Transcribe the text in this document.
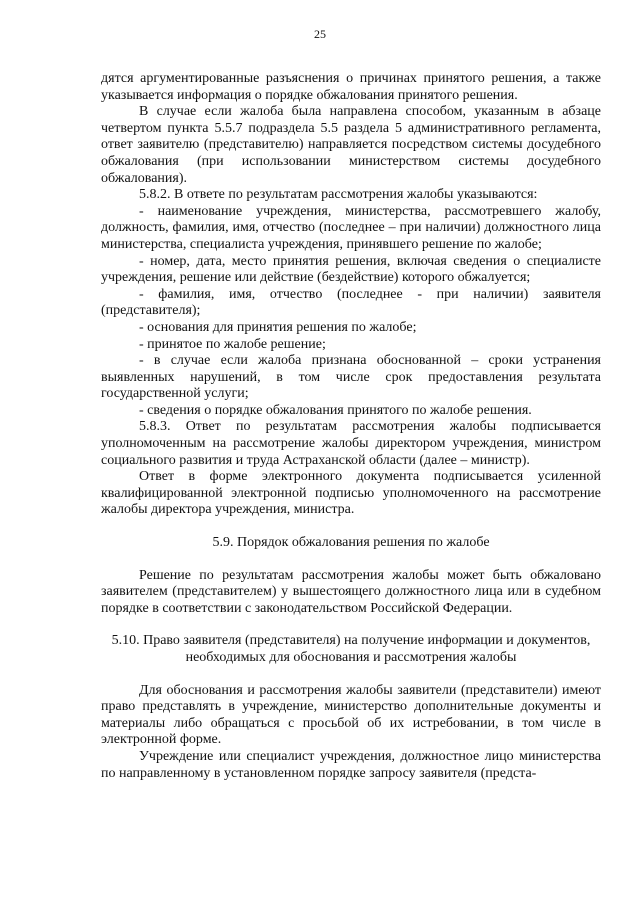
25

дятся аргументированные разъяснения о причинах принятого решения, а также указывается информация о порядке обжалования принятого решения.

В случае если жалоба была направлена способом, указанным в абзаце четвертом пункта 5.5.7 подраздела 5.5 раздела 5 административного регламента, ответ заявителю (представителю) направляется посредством системы досудебного обжалования (при использовании министерством системы досудебного обжалования).

5.8.2. В ответе по результатам рассмотрения жалобы указываются:

- наименование учреждения, министерства, рассмотревшего жалобу, должность, фамилия, имя, отчество (последнее – при наличии) должностного лица министерства, специалиста учреждения, принявшего решение по жалобе;

- номер, дата, место принятия решения, включая сведения о специалисте учреждения, решение или действие (бездействие) которого обжалуется;

- фамилия, имя, отчество (последнее - при наличии) заявителя (представителя);

- основания для принятия решения по жалобе;

- принятое по жалобе решение;

- в случае если жалоба признана обоснованной – сроки устранения выявленных нарушений, в том числе срок предоставления результата государственной услуги;

- сведения о порядке обжалования принятого по жалобе решения.

5.8.3. Ответ по результатам рассмотрения жалобы подписывается уполномоченным на рассмотрение жалобы директором учреждения, министром социального развития и труда Астраханской области (далее – министр).

Ответ в форме электронного документа подписывается усиленной квалифицированной электронной подписью уполномоченного на рассмотрение жалобы директора учреждения, министра.

5.9. Порядок обжалования решения по жалобе

Решение по результатам рассмотрения жалобы может быть обжаловано заявителем (представителем) у вышестоящего должностного лица или в судебном порядке в соответствии с законодательством Российской Федерации.

5.10. Право заявителя (представителя) на получение информации и документов, необходимых для обоснования и рассмотрения жалобы

Для обоснования и рассмотрения жалобы заявители (представители) имеют право представлять в учреждение, министерство дополнительные документы и материалы либо обращаться с просьбой об их истребовании, в том числе в электронной форме.

Учреждение или специалист учреждения, должностное лицо министерства по направленному в установленном порядке запросу заявителя (предста-
